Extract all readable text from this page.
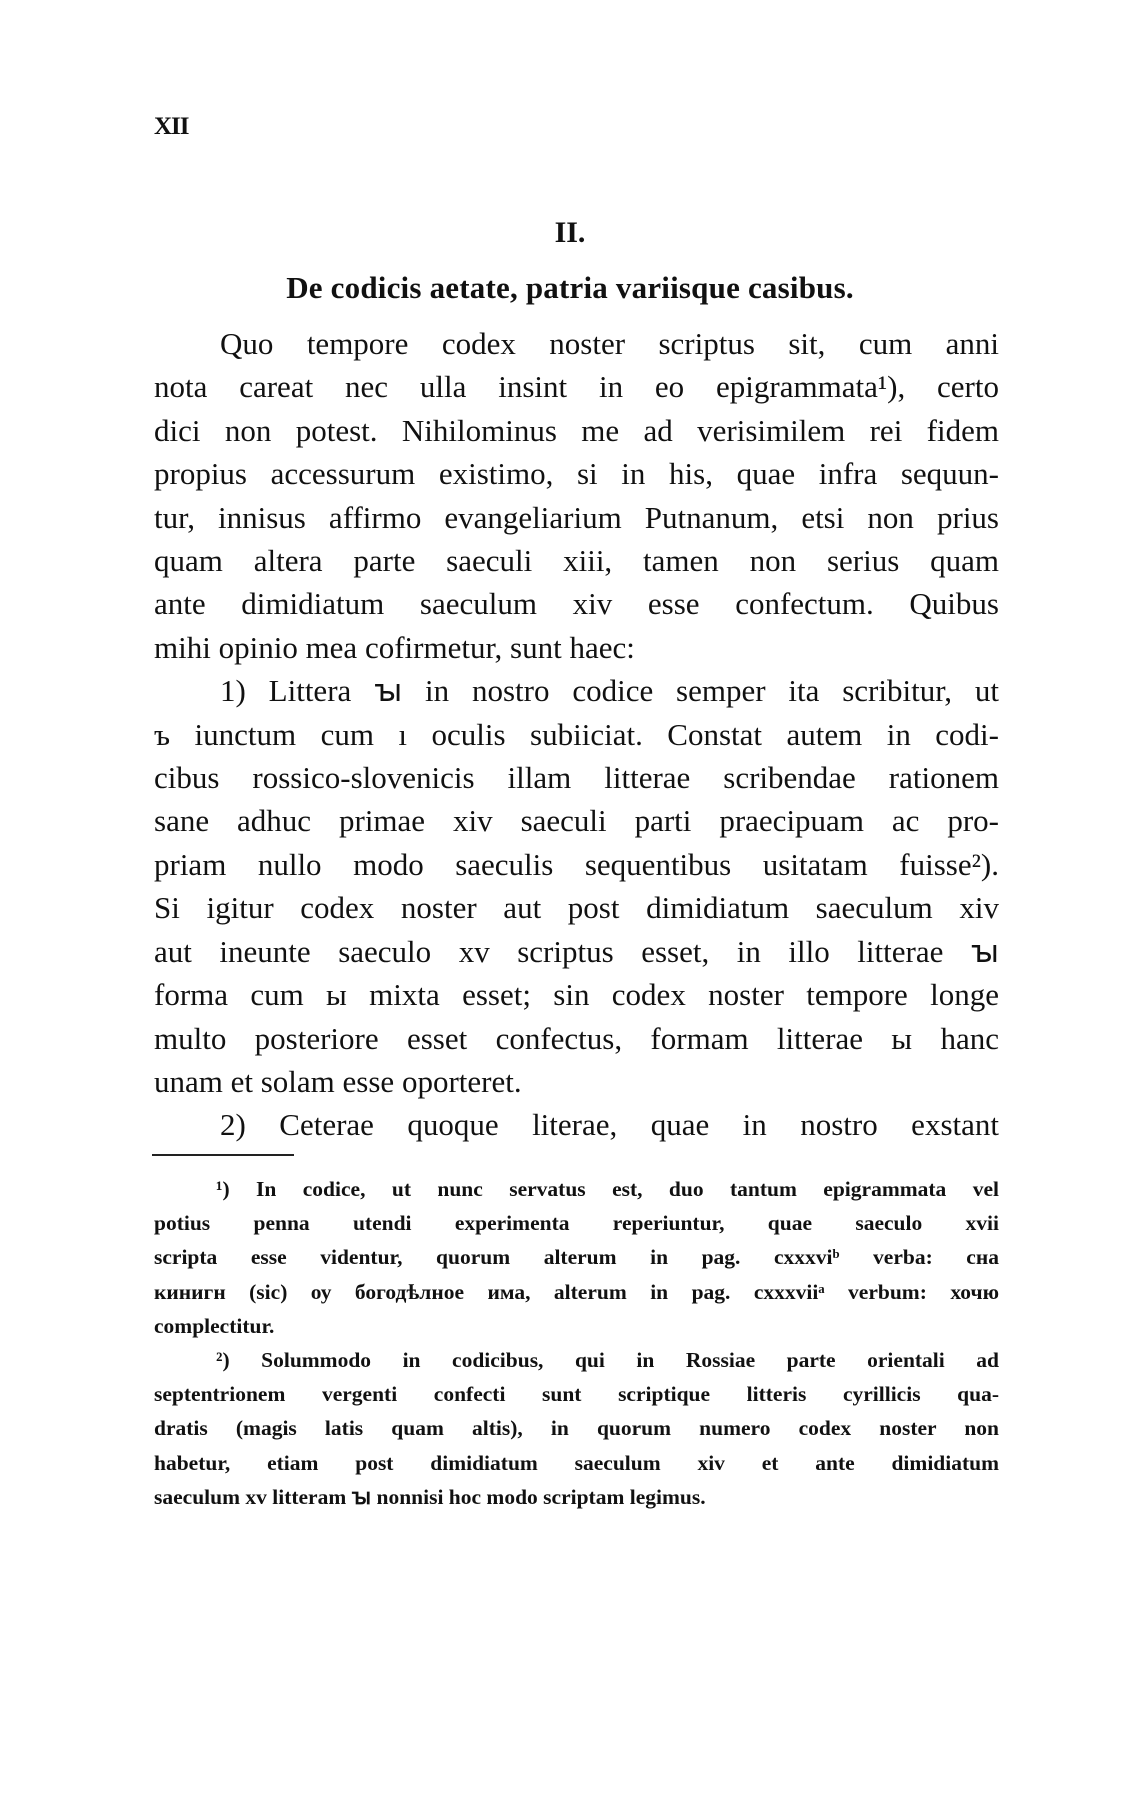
XII
II.
De codicis aetate, patria variisque casibus.
Quo tempore codex noster scriptus sit, cum anni
nota careat nec ulla insint in eo epigrammata¹), certo
dici non potest. Nihilominus me ad verisimilem rei fidem
propius accessurum existimo, si in his, quae infra sequun-
tur, innisus affirmo evangeliarium Putnanum, etsi non prius
quam altera parte saeculi xiii, tamen non serius quam
ante dimidiatum saeculum xiv esse confectum. Quibus
mihi opinio mea cofirmetur, sunt haec:
1) Littera ꙑ in nostro codice semper ita scribitur, ut
ъ iunctum cum ı oculis subiiciat. Constat autem in codi-
cibus rossico-slovenicis illam litterae scribendae rationem
sane adhuc primae xiv saeculi parti praecipuam ac pro-
priam nullo modo saeculis sequentibus usitatam fuisse²).
Si igitur codex noster aut post dimidiatum saeculum xiv
aut ineunte saeculo xv scriptus esset, in illo litterae ꙑ
forma cum ы mixta esset; sin codex noster tempore longe
multo posteriore esset confectus, formam litterae ы hanc
unam et solam esse oporteret.
2) Ceterae quoque literae, quae in nostro exstant
¹) In codice, ut nunc servatus est, duo tantum epigrammata vel
potius penna utendi experimenta reperiuntur, quae saeculo xvii
scripta esse videntur, quorum alterum in pag. cxxxviᵇ verba: сна
кинигн (sic) оу богодѣлное има, alterum in pag. cxxxviiᵃ verbum: хочю
complectitur.
²) Solummodo in codicibus, qui in Rossiae parte orientali ad
septentrionem vergenti confecti sunt scriptique litteris cyrillicis qua-
dratis (magis latis quam altis), in quorum numero codex noster non
habetur, etiam post dimidiatum saeculum xiv et ante dimidiatum
saeculum xv litteram ꙑ nonnisi hoc modo scriptam legimus.
